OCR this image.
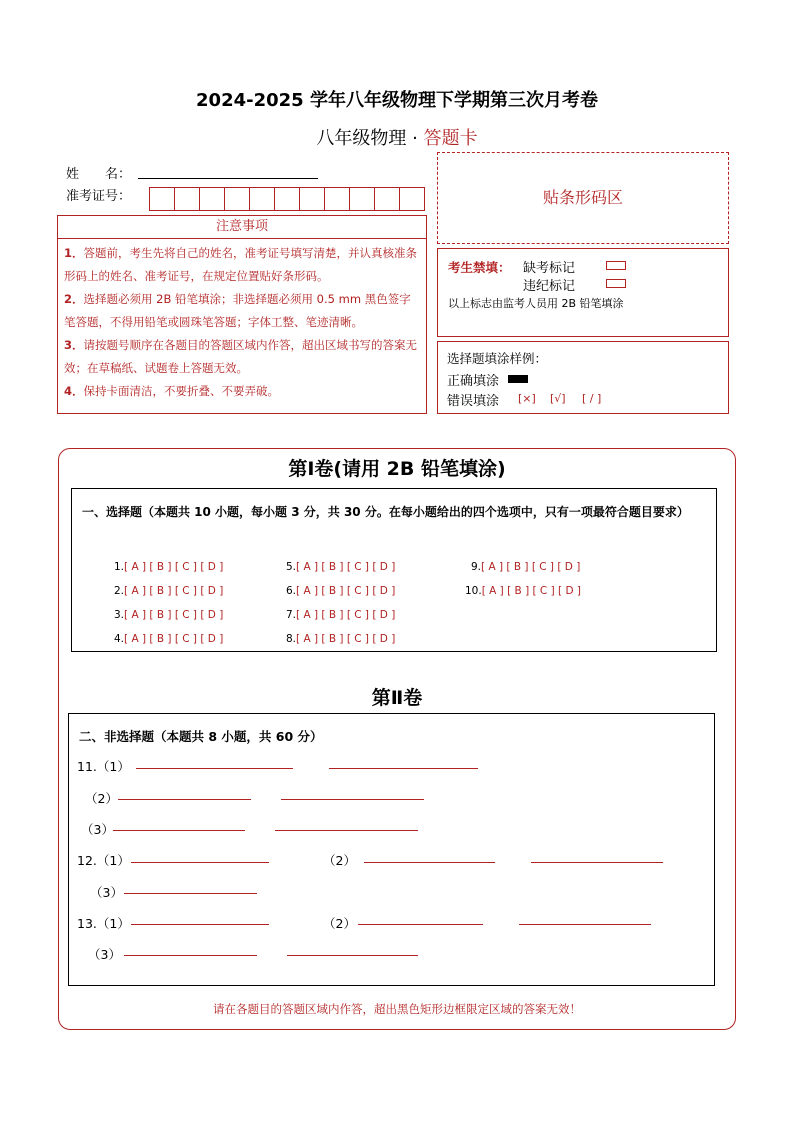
2024-2025 学年八年级物理下学期第三次月考卷
八年级物理 · 答题卡
姓　　名：
准考证号：
注意事项
1．答题前，考生先将自己的姓名，准考证号填写清楚，并认真核准条形码上的姓名、准考证号，在规定位置贴好条形码。
2．选择题必须用 2B 铅笔填涂；非选择题必须用 0.5 mm 黑色签字笔答题，不得用铅笔或圆珠笔答题；字体工整、笔迹清晰。
3．请按题号顺序在各题目的答题区域内作答，超出区域书写的答案无效；在草稿纸、试题卷上答题无效。
4．保持卡面清洁，不要折叠、不要弄破。
贴条形码区
考生禁填： 缺考标记
违纪标记
以上标志由监考人员用 2B 铅笔填涂
选择题填涂样例：
正确填涂
错误填涂 [×] [√] [ / ]
第Ⅰ卷(请用 2B 铅笔填涂)
一、选择题（本题共 10 小题，每小题 3 分，共 30 分。在每小题给出的四个选项中，只有一项最符合题目要求）
1.[ A ] [ B ] [ C ] [ D ]
2.[ A ] [ B ] [ C ] [ D ]
3.[ A ] [ B ] [ C ] [ D ]
4.[ A ] [ B ] [ C ] [ D ]
5.[ A ] [ B ] [ C ] [ D ]
6.[ A ] [ B ] [ C ] [ D ]
7.[ A ] [ B ] [ C ] [ D ]
8.[ A ] [ B ] [ C ] [ D ]
9.[ A ] [ B ] [ C ] [ D ]
10.[ A ] [ B ] [ C ] [ D ]
第Ⅱ卷
二、非选择题（本题共 8 小题，共 60 分）
11.（1）
（2）
（3）
12.（1）	（2）
（3）
13.（1）	（2）
（3）
请在各题目的答题区域内作答，超出黑色矩形边框限定区域的答案无效！
